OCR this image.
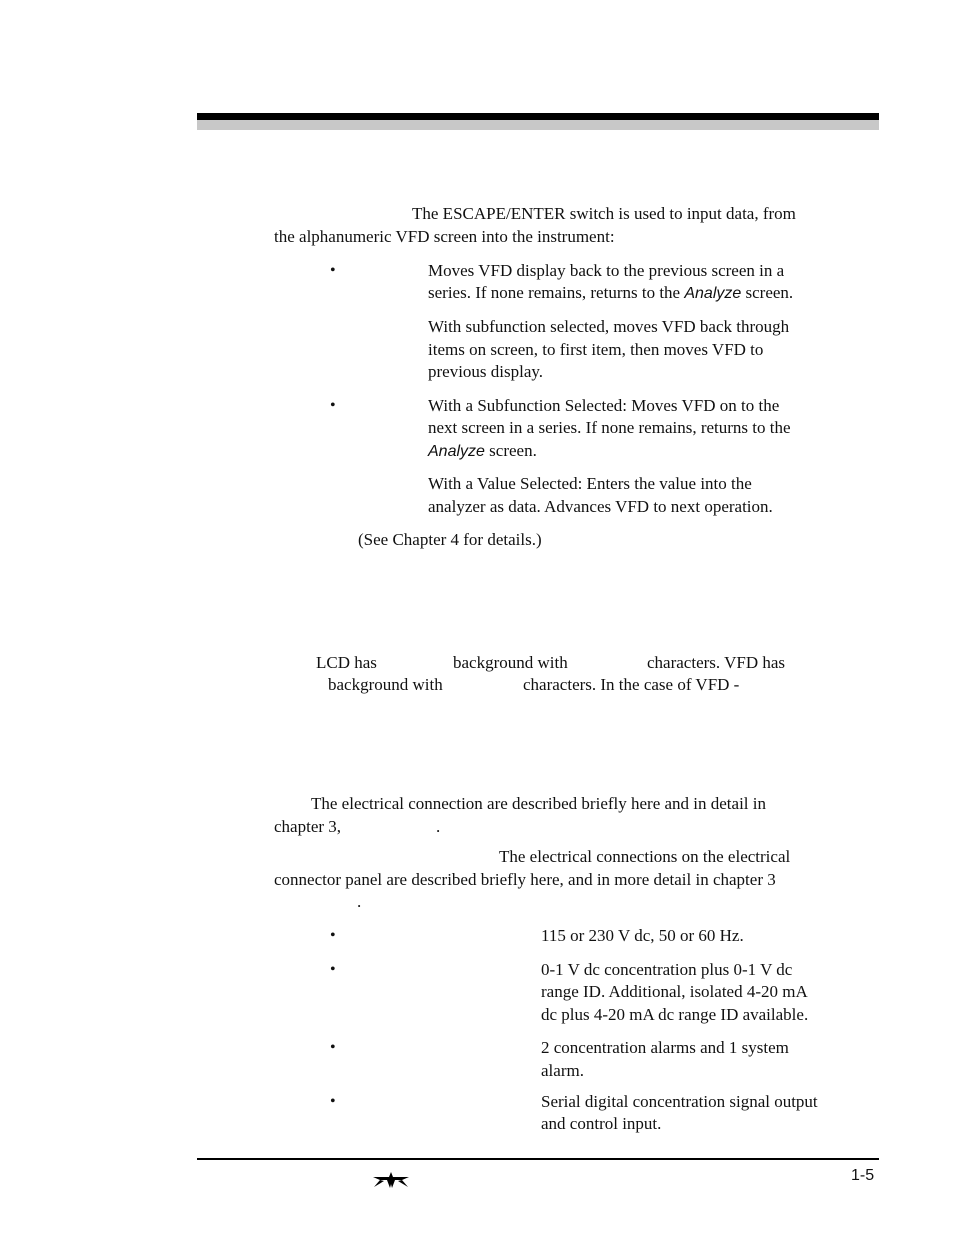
The ESCAPE/ENTER switch is used to input data, from
the alphanumeric VFD screen into the instrument:
•	Moves VFD display back to the previous screen in a
series. If none remains, returns to the Analyze screen.
With subfunction selected, moves VFD back through
items on screen, to first item, then moves VFD to
previous display.
•	With a Subfunction Selected: Moves VFD on to the
next screen in a series. If none remains, returns to the
Analyze screen.
With a Value Selected: Enters the value into the
analyzer as data. Advances VFD to next operation.
(See Chapter 4 for details.)
LCD has	background with	characters. VFD has
background with	characters. In the case of VFD -
The electrical connection are described briefly here and in detail in
chapter 3,	.
The electrical connections on the electrical
connector panel are described briefly here, and in more detail in chapter 3
.
•	115 or 230 V dc, 50 or 60 Hz.
•	0-1 V dc concentration plus 0-1 V dc
range ID. Additional, isolated 4-20 mA
dc plus 4-20 mA dc range ID available.
•	2 concentration alarms and 1 system
alarm.
•	Serial digital concentration signal output
and control input.
1-5
